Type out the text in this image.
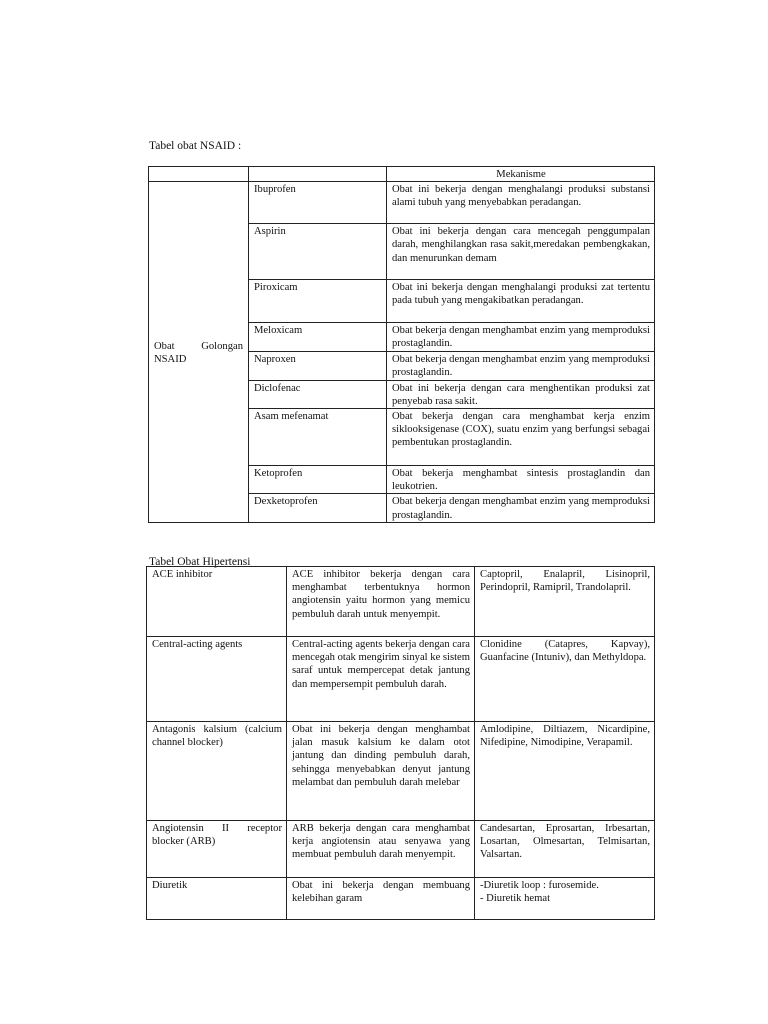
Tabel obat NSAID :
		Mekanisme
Obat Golongan NSAID	Ibuprofen	Obat ini bekerja dengan menghalangi produksi substansi alami tubuh yang menyebabkan peradangan.
	Aspirin	Obat ini bekerja dengan cara mencegah penggumpalan darah, menghilangkan rasa sakit,meredakan pembengkakan, dan menurunkan demam
	Piroxicam	Obat ini bekerja dengan menghalangi produksi zat tertentu pada tubuh yang mengakibatkan peradangan.
	Meloxicam	Obat bekerja dengan menghambat enzim yang memproduksi prostaglandin.
	Naproxen	Obat bekerja dengan menghambat enzim yang memproduksi prostaglandin.
	Diclofenac	Obat ini bekerja dengan cara menghentikan produksi zat penyebab rasa sakit.
	Asam mefenamat	Obat bekerja dengan cara menghambat kerja enzim siklooksigenase (COX), suatu enzim yang berfungsi sebagai pembentukan prostaglandin.
	Ketoprofen	Obat bekerja menghambat sintesis prostaglandin dan leukotrien.
	Dexketoprofen	Obat bekerja dengan menghambat enzim yang memproduksi prostaglandin.
Tabel Obat Hipertensi
ACE inhibitor	ACE inhibitor bekerja dengan cara menghambat terbentuknya hormon angiotensin yaitu hormon yang memicu pembuluh darah untuk menyempit.	Captopril, Enalapril, Lisinopril, Perindopril, Ramipril, Trandolapril.
Central-acting agents	Central-acting agents bekerja dengan cara mencegah otak mengirim sinyal ke sistem saraf untuk mempercepat detak jantung dan mempersempit pembuluh darah.	Clonidine (Catapres, Kapvay), Guanfacine (Intuniv), dan Methyldopa.
Antagonis kalsium (calcium channel blocker)	Obat ini bekerja dengan menghambat jalan masuk kalsium ke dalam otot jantung dan dinding pembuluh darah, sehingga menyebabkan denyut jantung melambat dan pembuluh darah melebar	Amlodipine, Diltiazem, Nicardipine, Nifedipine, Nimodipine, Verapamil.
Angiotensin II receptor blocker (ARB)	ARB bekerja dengan cara menghambat kerja angiotensin atau senyawa yang membuat pembuluh darah menyempit.	Candesartan, Eprosartan, Irbesartan, Losartan, Olmesartan, Telmisartan, Valsartan.
Diuretik	Obat ini bekerja dengan membuang kelebihan garam	-Diuretik loop : furosemide.
- Diuretik hemat
